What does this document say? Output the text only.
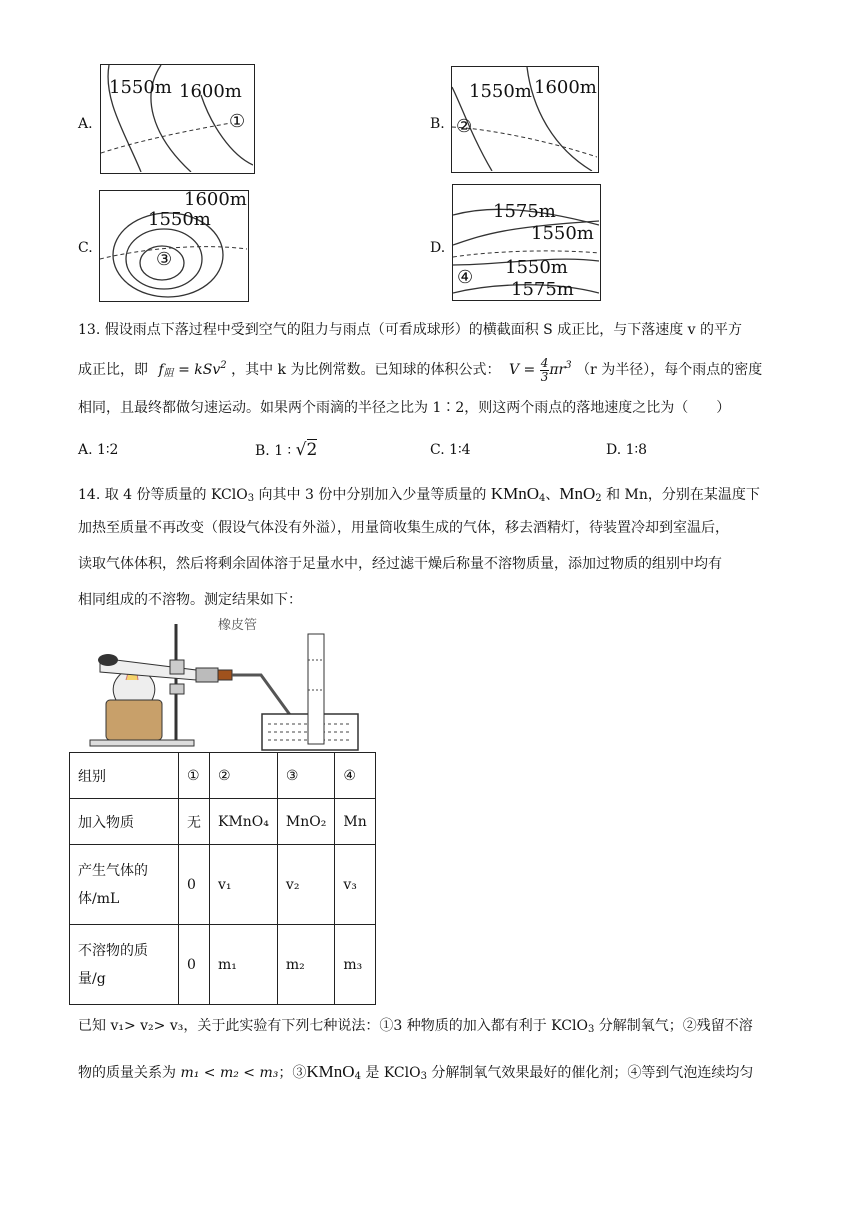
A.
1550m 1600m
①	B.
1550m 1600m
②
C.
1600m
1550m
③
D.
1575m
1550m
1550m
1575m
④
13. 假设雨点下落过程中受到空气的阻力与雨点（可看成球形）的横截面积 S 成正比，与下落速度 v 的平方
成正比，即 $f_阻 = kSv^2$ ，其中 k 为比例常数。已知球的体积公式： $V = \frac{4}{3} \pi r^3$ （r 为半径），每个雨点的密度
相同，且最终都做匀速运动。如果两个雨滴的半径之比为 1∶2，则这两个雨点的落地速度之比为（　　）
A. 1∶2	B. 1 ∶ √2	C. 1∶4	D. 1∶8
14. 取 4 份等质量的 KClO$_3$ 向其中 3 份中分别加入少量等质量的 KMnO$_4$、MnO$_2$ 和 Mn，分别在某温度下
加热至质量不再改变（假设气体没有外溢），用量筒收集生成的气体，移去酒精灯，待装置冷却到室温后，
读取气体体积，然后将剩余固体溶于足量水中，经过滤干燥后称量不溶物质量，添加过物质的组别中均有
相同组成的不溶物。测定结果如下：
橡皮管
组别	①	②	③	④
加入物质	无	KMnO₄	MnO₂	Mn
产生气体的
体/mL	0	v₁	v₂	v₃
不溶物的质
量/g	0	m₁	m₂	m₃
已知 v₁> v₂> v₃，关于此实验有下列七种说法：①3 种物质的加入都有利于 KClO$_3$ 分解制氧气；②残留不溶
物的质量关系为 m₁ < m₂ < m₃；③KMnO$_4$ 是 KClO$_3$ 分解制氧气效果最好的催化剂；④等到气泡连续均匀
